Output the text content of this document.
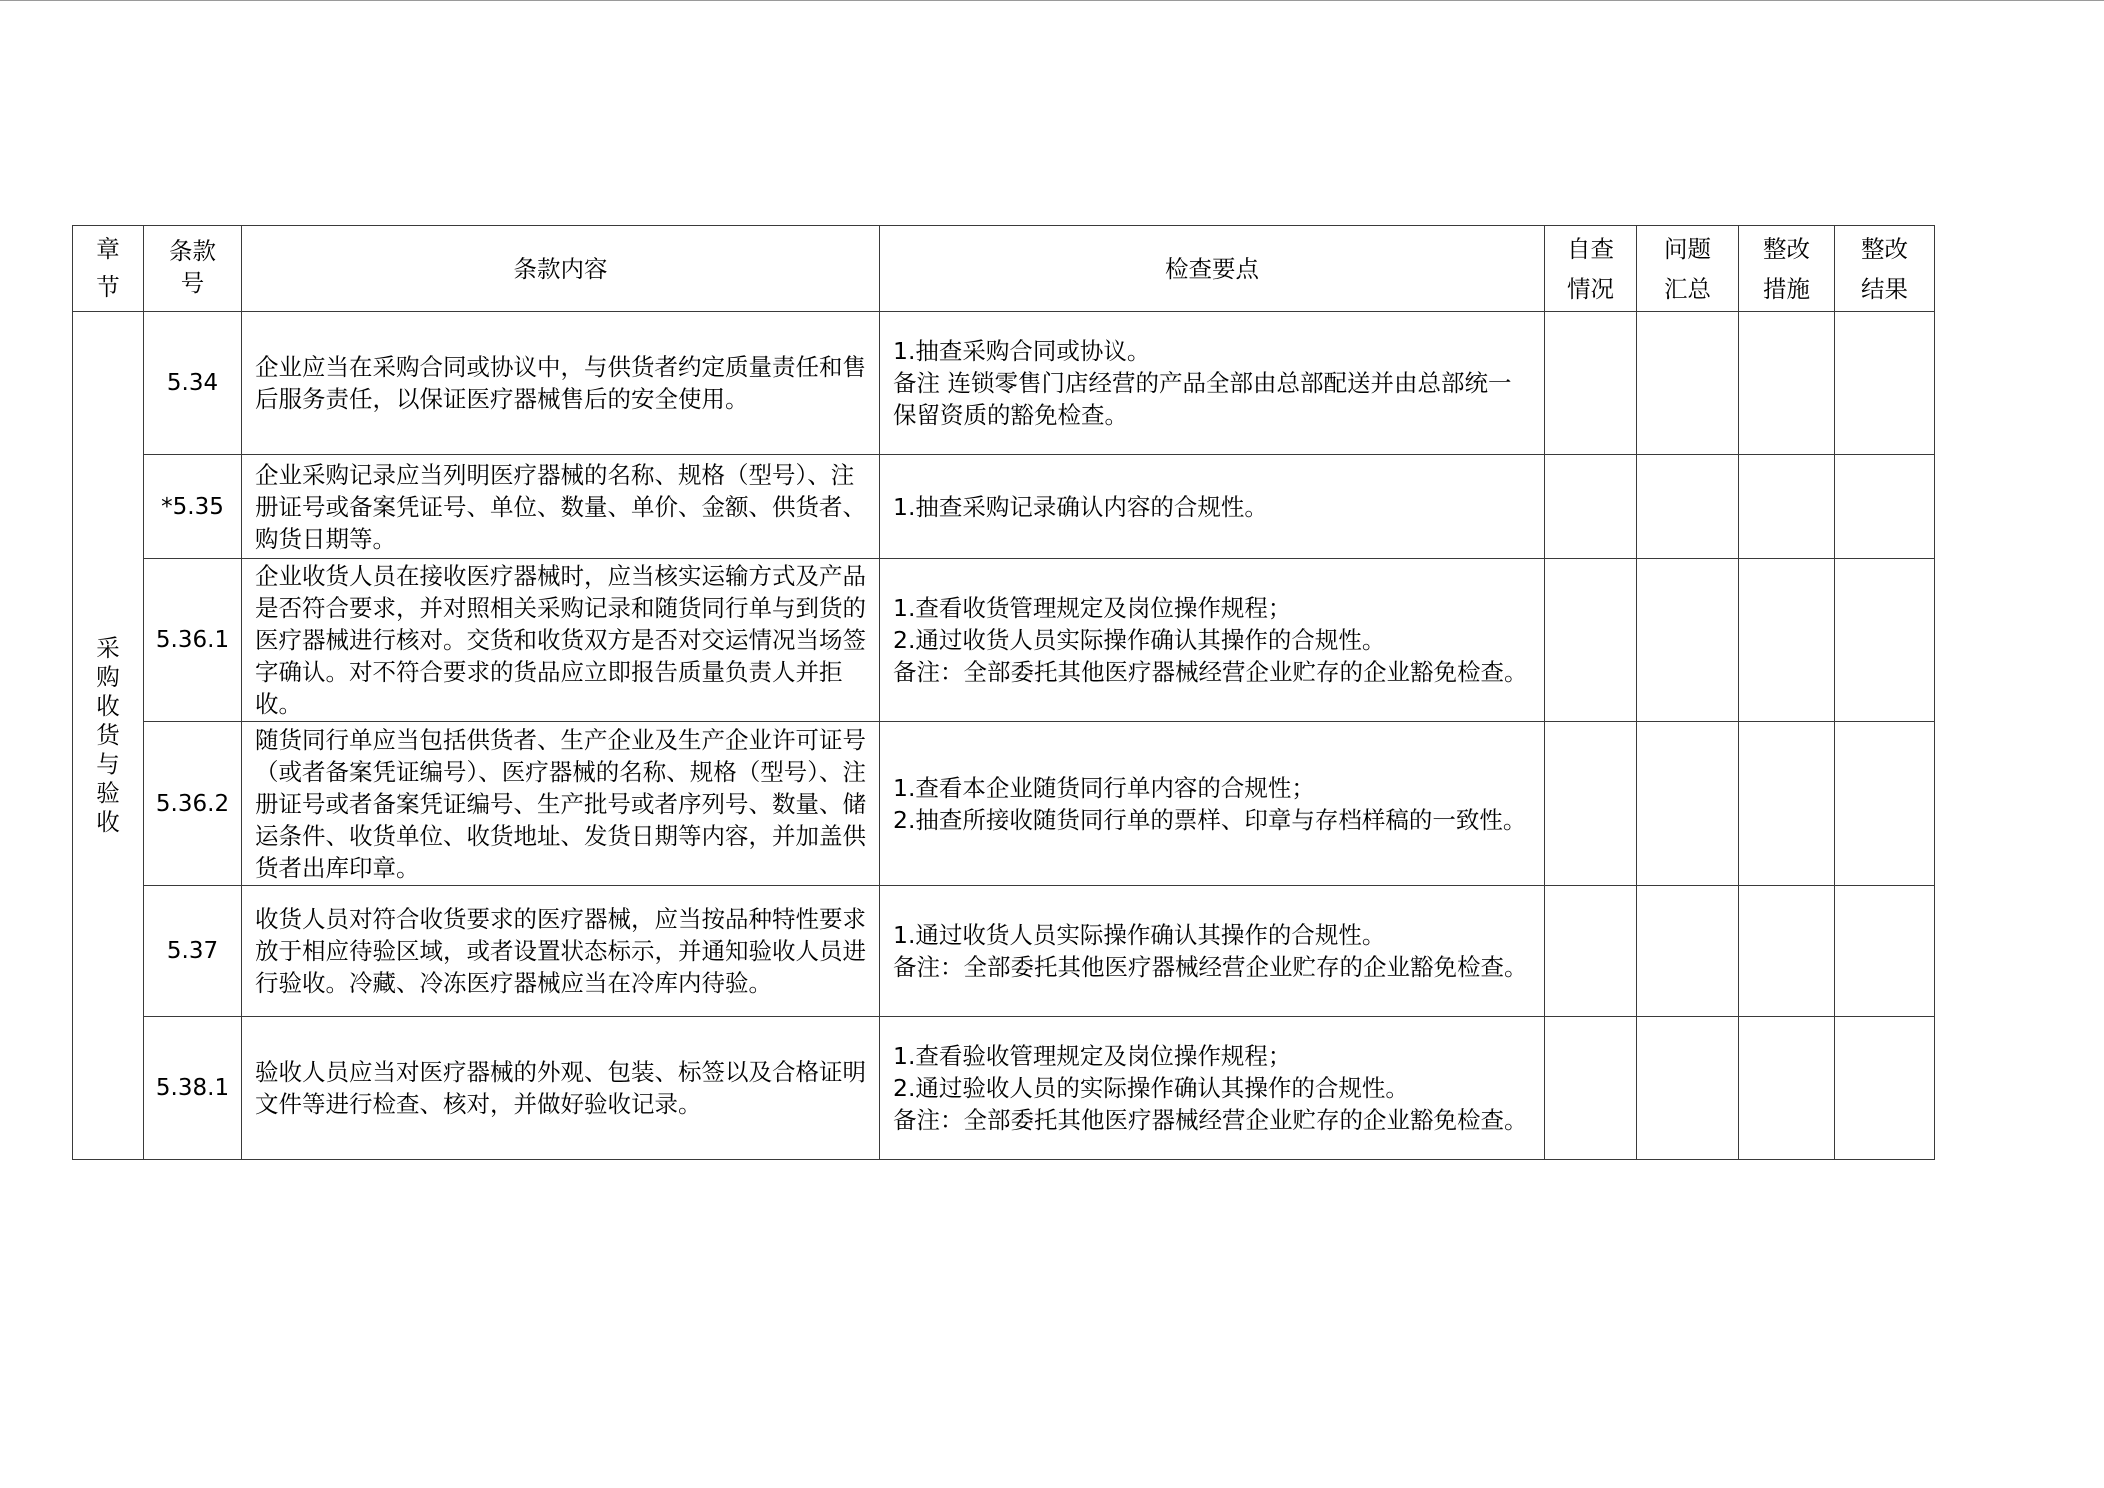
章节	条款号	条款内容	检查要点	自查情况	问题汇总	整改措施	整改结果
采购收货与验收	5.34	企业应当在采购合同或协议中，与供货者约定质量责任和售后服务责任，以保证医疗器械售后的安全使用。	1.抽查采购合同或协议。
备注 连锁零售门店经营的产品全部由总部配送并由总部统一保留资质的豁免检查。				
	*5.35	企业采购记录应当列明医疗器械的名称、规格（型号）、注册证号或备案凭证号、单位、数量、单价、金额、供货者、购货日期等。	1.抽查采购记录确认内容的合规性。				
	5.36.1	企业收货人员在接收医疗器械时，应当核实运输方式及产品是否符合要求，并对照相关采购记录和随货同行单与到货的医疗器械进行核对。交货和收货双方是否对交运情况当场签字确认。对不符合要求的货品应立即报告质量负责人并拒收。	1.查看收货管理规定及岗位操作规程；
2.通过收货人员实际操作确认其操作的合规性。
备注：全部委托其他医疗器械经营企业贮存的企业豁免检查。				
	5.36.2	随货同行单应当包括供货者、生产企业及生产企业许可证号（或者备案凭证编号）、医疗器械的名称、规格（型号）、注册证号或者备案凭证编号、生产批号或者序列号、数量、储运条件、收货单位、收货地址、发货日期等内容，并加盖供货者出库印章。	1.查看本企业随货同行单内容的合规性；
2.抽查所接收随货同行单的票样、印章与存档样稿的一致性。				
	5.37	收货人员对符合收货要求的医疗器械，应当按品种特性要求放于相应待验区域，或者设置状态标示，并通知验收人员进行验收。冷藏、冷冻医疗器械应当在冷库内待验。	1.通过收货人员实际操作确认其操作的合规性。
备注：全部委托其他医疗器械经营企业贮存的企业豁免检查。				
	5.38.1	验收人员应当对医疗器械的外观、包装、标签以及合格证明文件等进行检查、核对，并做好验收记录。	1.查看验收管理规定及岗位操作规程；
2.通过验收人员的实际操作确认其操作的合规性。
备注：全部委托其他医疗器械经营企业贮存的企业豁免检查。				
